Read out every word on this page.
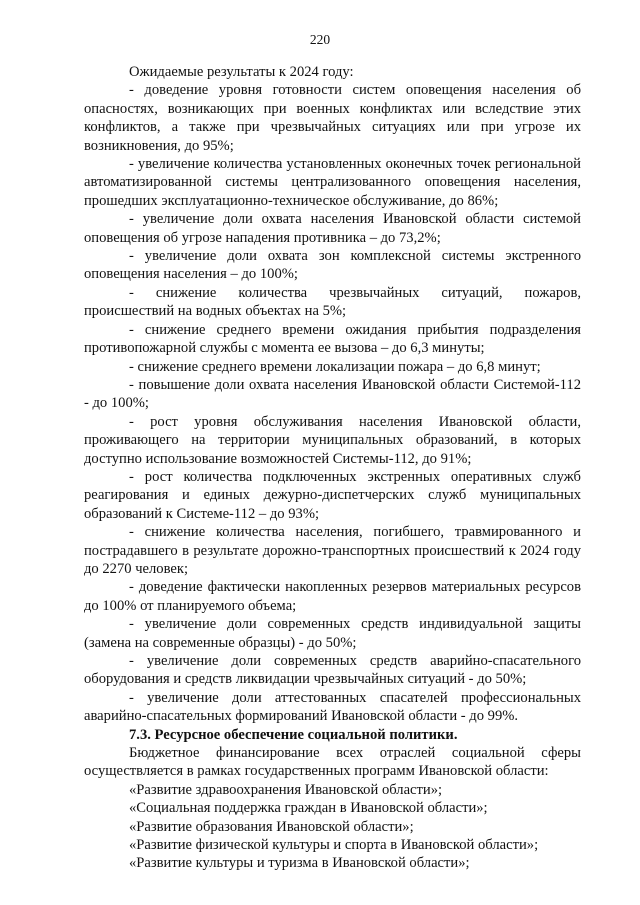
220

Ожидаемые результаты к 2024 году:

- доведение уровня готовности систем оповещения населения об опасностях, возникающих при военных конфликтах или вследствие этих конфликтов, а также при чрезвычайных ситуациях или при угрозе их возникновения, до 95%;

- увеличение количества установленных оконечных точек региональной автоматизированной системы централизованного оповещения населения, прошедших эксплуатационно-техническое обслуживание, до 86%;

- увеличение доли охвата населения Ивановской области системой оповещения об угрозе нападения противника – до 73,2%;

- увеличение доли охвата зон комплексной системы экстренного оповещения населения – до 100%;

- снижение количества чрезвычайных ситуаций, пожаров, происшествий на водных объектах на 5%;

- снижение среднего времени ожидания прибытия подразделения противопожарной службы с момента ее вызова – до 6,3 минуты;

- снижение среднего времени локализации пожара – до 6,8 минут;

- повышение доли охвата населения Ивановской области Системой-112 - до 100%;

- рост уровня обслуживания населения Ивановской области, проживающего на территории муниципальных образований, в которых доступно использование возможностей Системы-112, до 91%;

- рост количества подключенных экстренных оперативных служб реагирования и единых дежурно-диспетчерских служб муниципальных образований к Системе-112 – до 93%;

- снижение количества населения, погибшего, травмированного и пострадавшего в результате дорожно-транспортных происшествий к 2024 году до 2270 человек;

- доведение фактически накопленных резервов материальных ресурсов до 100% от планируемого объема;

- увеличение доли современных средств индивидуальной защиты (замена на современные образцы) - до 50%;

- увеличение доли современных средств аварийно-спасательного оборудования и средств ликвидации чрезвычайных ситуаций - до 50%;

- увеличение доли аттестованных спасателей профессиональных аварийно-спасательных формирований Ивановской области - до 99%.

7.3. Ресурсное обеспечение социальной политики.

Бюджетное финансирование всех отраслей социальной сферы осуществляется в рамках государственных программ Ивановской области:

«Развитие здравоохранения Ивановской области»;

«Социальная поддержка граждан в Ивановской области»;

«Развитие образования Ивановской области»;

«Развитие физической культуры и спорта в Ивановской области»;

«Развитие культуры и туризма в Ивановской области»;
